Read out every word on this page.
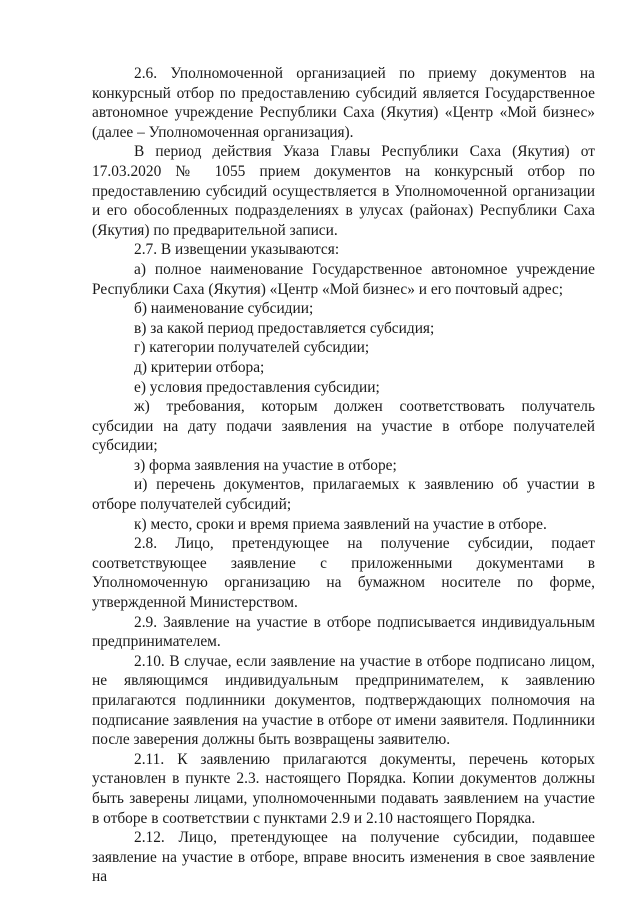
2.6. Уполномоченной организацией по приему документов на конкурсный отбор по предоставлению субсидий является Государственное автономное учреждение Республики Саха (Якутия) «Центр «Мой бизнес» (далее – Уполномоченная организация).

В период действия Указа Главы Республики Саха (Якутия) от 17.03.2020 № 1055 прием документов на конкурсный отбор по предоставлению субсидий осуществляется в Уполномоченной организации и его обособленных подразделениях в улусах (районах) Республики Саха (Якутия) по предварительной записи.

2.7. В извещении указываются:

а) полное наименование Государственное автономное учреждение Республики Саха (Якутия) «Центр «Мой бизнес» и его почтовый адрес;

б) наименование субсидии;

в) за какой период предоставляется субсидия;

г) категории получателей субсидии;

д) критерии отбора;

е) условия предоставления субсидии;

ж) требования, которым должен соответствовать получатель субсидии на дату подачи заявления на участие в отборе получателей субсидии;

з) форма заявления на участие в отборе;

и) перечень документов, прилагаемых к заявлению об участии в отборе получателей субсидий;

к) место, сроки и время приема заявлений на участие в отборе.

2.8. Лицо, претендующее на получение субсидии, подает соответствующее заявление с приложенными документами в Уполномоченную организацию на бумажном носителе по форме, утвержденной Министерством.

2.9. Заявление на участие в отборе подписывается индивидуальным предпринимателем.

2.10. В случае, если заявление на участие в отборе подписано лицом, не являющимся индивидуальным предпринимателем, к заявлению прилагаются подлинники документов, подтверждающих полномочия на подписание заявления на участие в отборе от имени заявителя. Подлинники после заверения должны быть возвращены заявителю.

2.11. К заявлению прилагаются документы, перечень которых установлен в пункте 2.3. настоящего Порядка. Копии документов должны быть заверены лицами, уполномоченными подавать заявлением на участие в отборе в соответствии с пунктами 2.9 и 2.10 настоящего Порядка.

2.12. Лицо, претендующее на получение субсидии, подавшее заявление на участие в отборе, вправе вносить изменения в свое заявление на
